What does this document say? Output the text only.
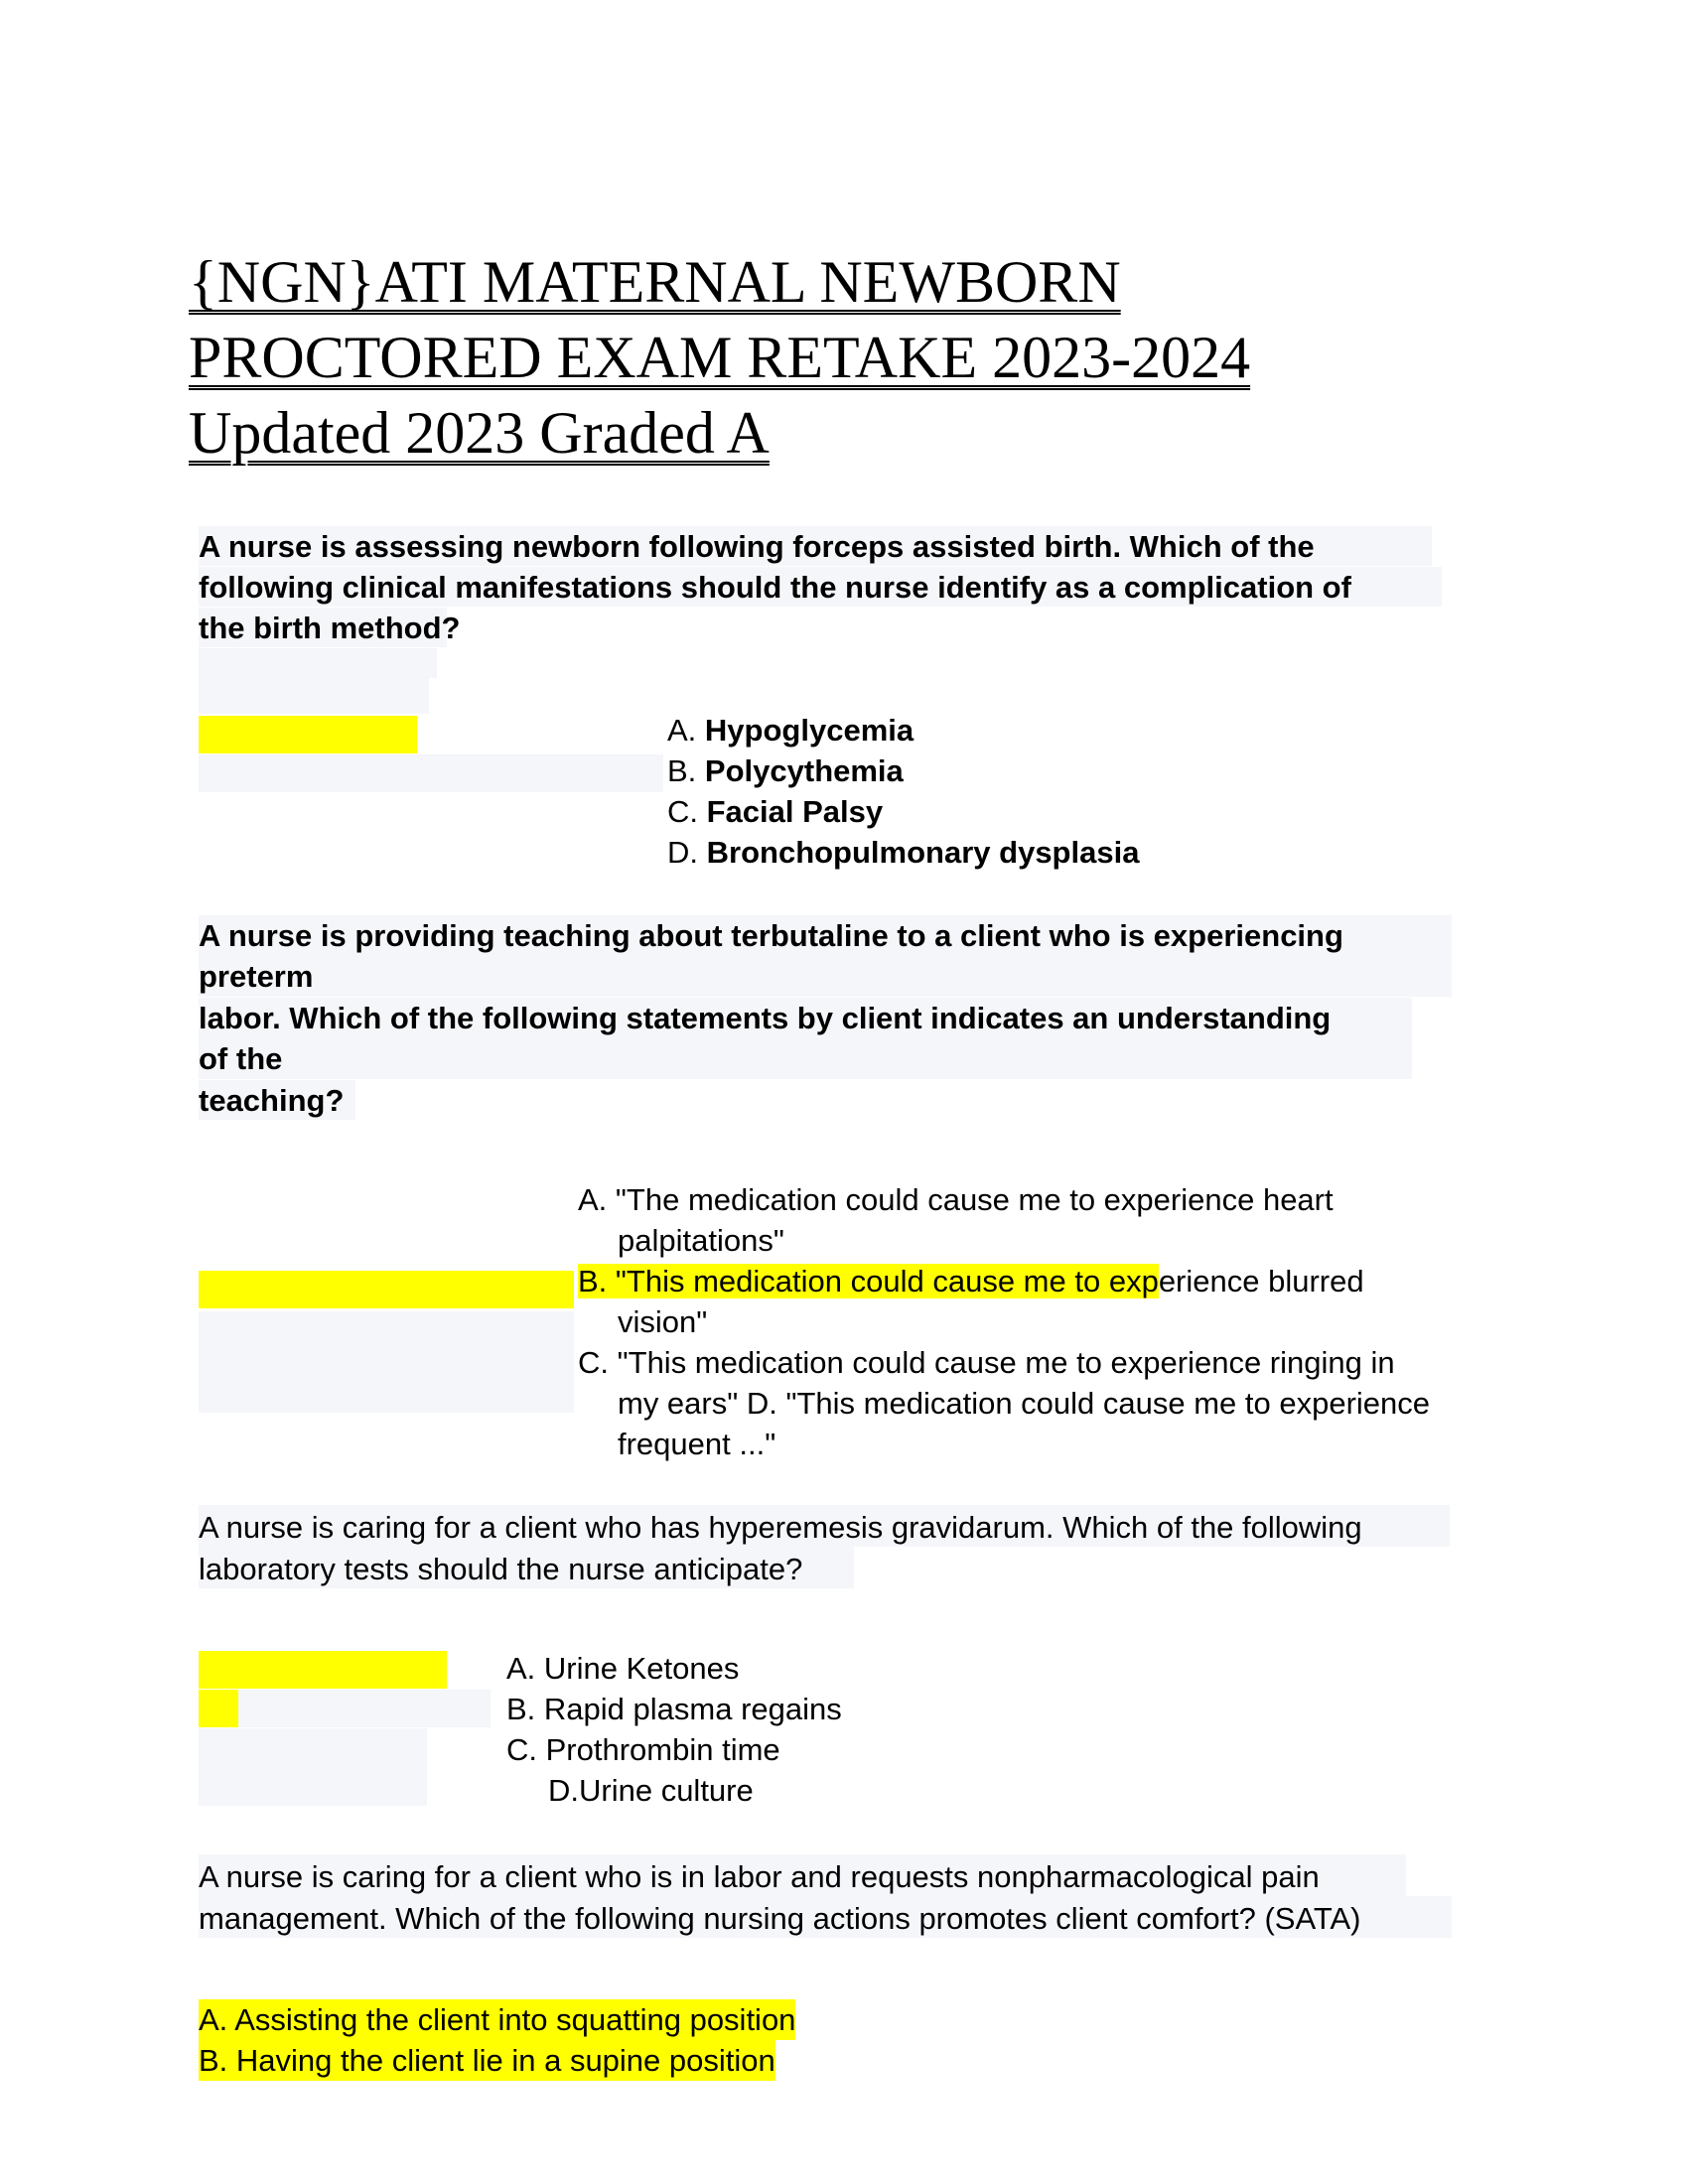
{NGN}ATI MATERNAL NEWBORN
PROCTORED EXAM RETAKE 2023-2024
Updated 2023 Graded A
A nurse is assessing newborn following forceps assisted birth. Which of the
following clinical manifestations should the nurse identify as a complication of
the birth method?
A. Hypoglycemia
B. Polycythemia
C. Facial Palsy
D. Bronchopulmonary dysplasia
A nurse is providing teaching about terbutaline to a client who is experiencing
preterm
labor. Which of the following statements by client indicates an understanding
of the
teaching?
A. "The medication could cause me to experience heart
palpitations"
B. "This medication could cause me to experience blurred
vision"
C. "This medication could cause me to experience ringing in
my ears" D. "This medication could cause me to experience
frequent ..."
A nurse is caring for a client who has hyperemesis gravidarum. Which of the following
laboratory tests should the nurse anticipate?
A. Urine Ketones
B. Rapid plasma regains
C. Prothrombin time
D.Urine culture
A nurse is caring for a client who is in labor and requests nonpharmacological pain
management. Which of the following nursing actions promotes client comfort? (SATA)
A. Assisting the client into squatting position
B. Having the client lie in a supine position
